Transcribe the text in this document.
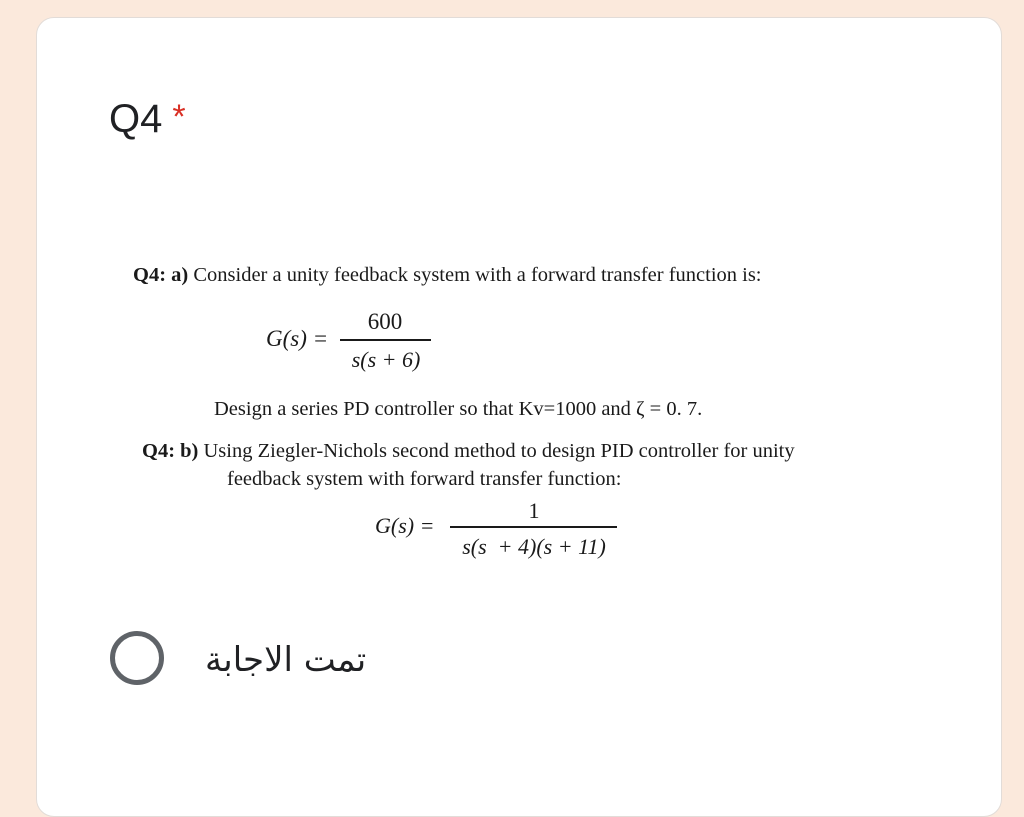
Q4 *
Q4: a) Consider a unity feedback system with a forward transfer function is:
G(s) =
600
s(s + 6)
Design a series PD controller so that Kv=1000 and ζ = 0. 7.
Q4: b) Using Ziegler-Nichols second method to design PID controller for unity
feedback system with forward transfer function:
G(s) =
1
s(s  + 4)(s + 11)
تمت الاجابة
